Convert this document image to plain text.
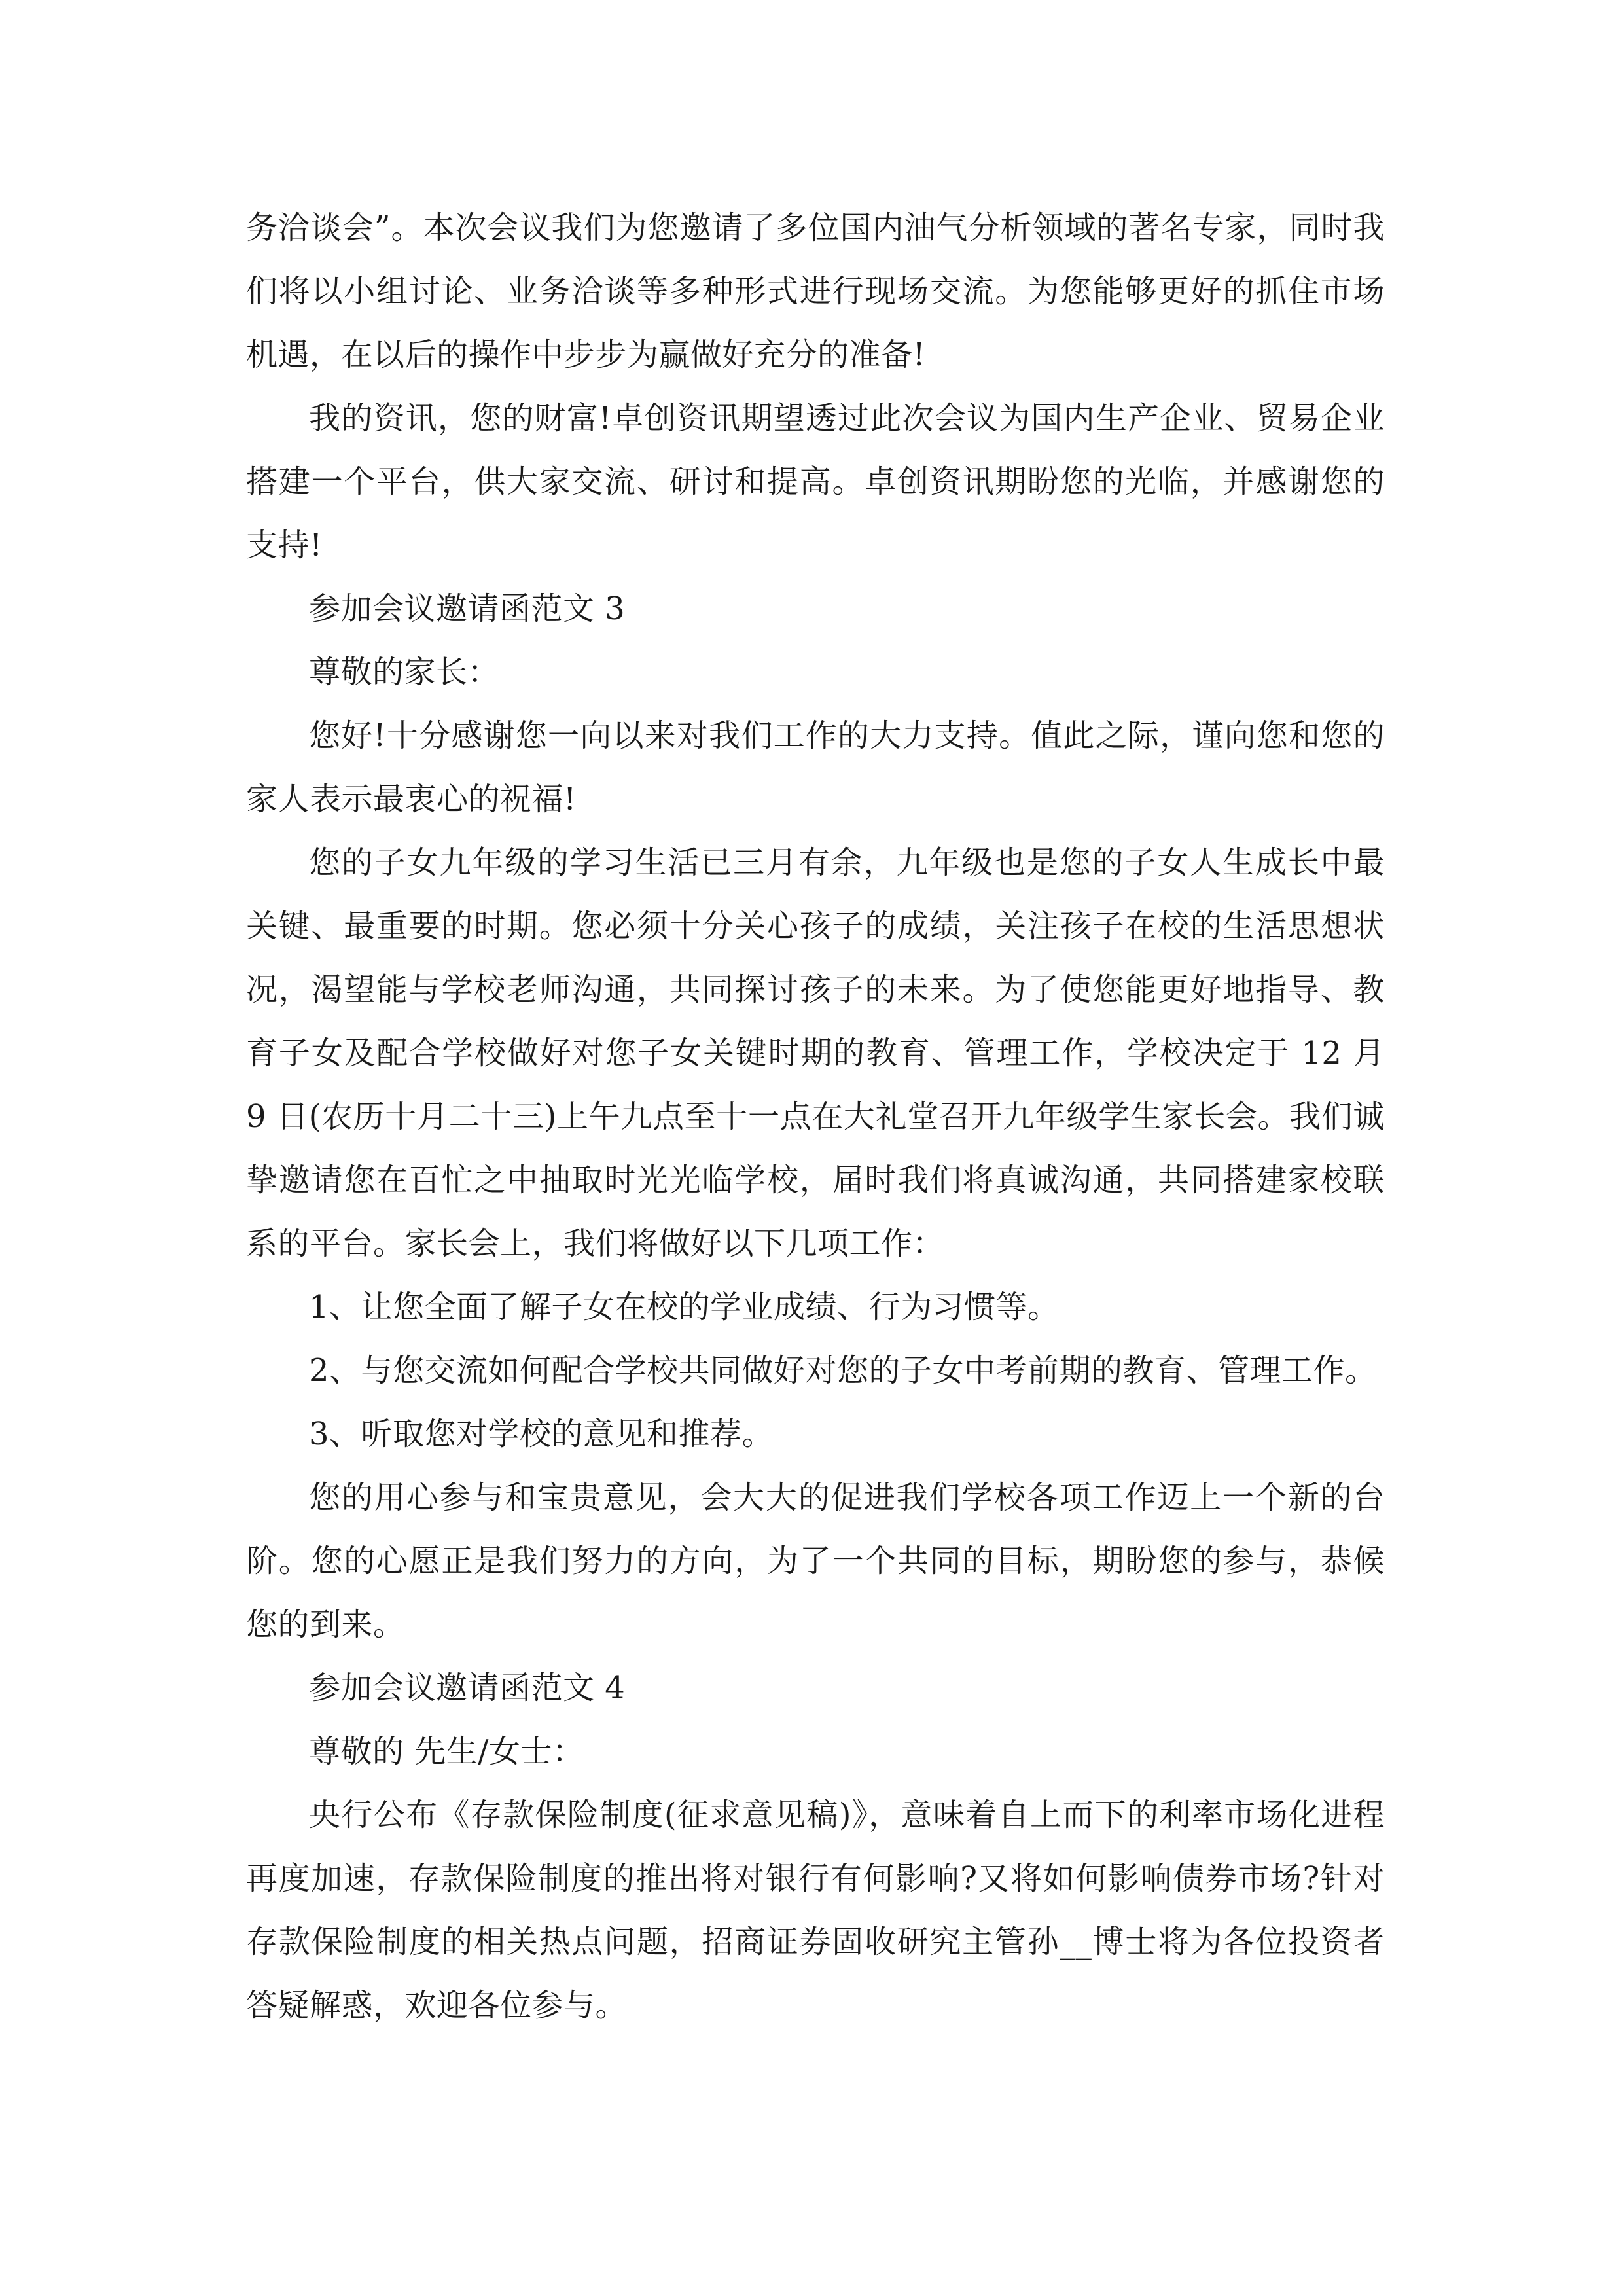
务洽谈会”。本次会议我们为您邀请了多位国内油气分析领域的著名专家，同时我们将以小组讨论、业务洽谈等多种形式进行现场交流。为您能够更好的抓住市场机遇，在以后的操作中步步为赢做好充分的准备!

我的资讯，您的财富!卓创资讯期望透过此次会议为国内生产企业、贸易企业搭建一个平台，供大家交流、研讨和提高。卓创资讯期盼您的光临，并感谢您的支持!

参加会议邀请函范文 3

尊敬的家长：

您好!十分感谢您一向以来对我们工作的大力支持。值此之际，谨向您和您的家人表示最衷心的祝福!

您的子女九年级的学习生活已三月有余，九年级也是您的子女人生成长中最关键、最重要的时期。您必须十分关心孩子的成绩，关注孩子在校的生活思想状况，渴望能与学校老师沟通，共同探讨孩子的未来。为了使您能更好地指导、教育子女及配合学校做好对您子女关键时期的教育、管理工作，学校决定于 12 月 9 日(农历十月二十三)上午九点至十一点在大礼堂召开九年级学生家长会。我们诚挚邀请您在百忙之中抽取时光光临学校，届时我们将真诚沟通，共同搭建家校联系的平台。家长会上，我们将做好以下几项工作：

1、让您全面了解子女在校的学业成绩、行为习惯等。

2、与您交流如何配合学校共同做好对您的子女中考前期的教育、管理工作。

3、听取您对学校的意见和推荐。

您的用心参与和宝贵意见，会大大的促进我们学校各项工作迈上一个新的台阶。您的心愿正是我们努力的方向，为了一个共同的目标，期盼您的参与，恭候您的到来。

参加会议邀请函范文 4

尊敬的 先生/女士：

央行公布《存款保险制度(征求意见稿)》，意味着自上而下的利率市场化进程再度加速，存款保险制度的推出将对银行有何影响?又将如何影响债券市场?针对存款保险制度的相关热点问题，招商证券固收研究主管孙__博士将为各位投资者答疑解惑，欢迎各位参与。
